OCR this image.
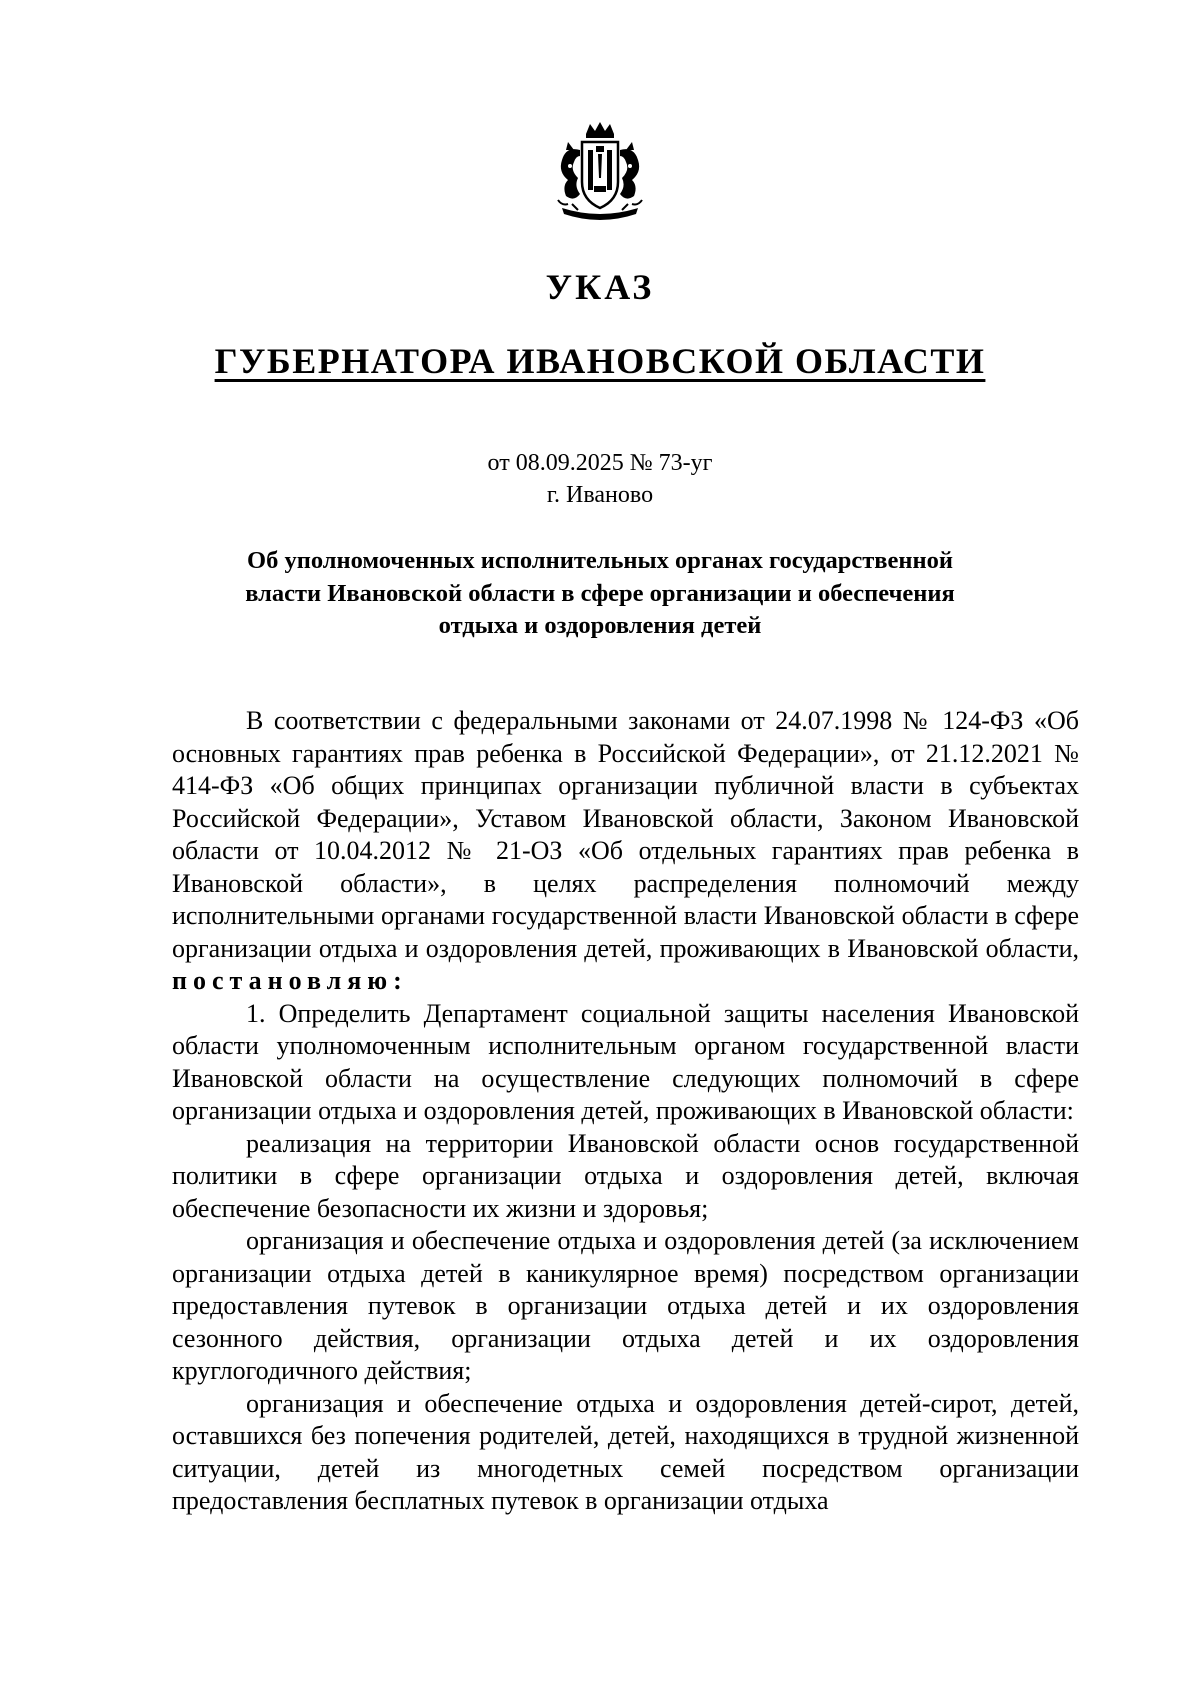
УКАЗ
ГУБЕРНАТОРА ИВАНОВСКОЙ ОБЛАСТИ
от 08.09.2025 № 73-уг
г. Иваново
Об уполномоченных исполнительных органах государственной
власти Ивановской области в сфере организации и обеспечения
отдыха и оздоровления детей

В соответствии с федеральными законами от 24.07.1998 № 124-ФЗ «Об основных гарантиях прав ребенка в Российской Федерации», от 21.12.2021 № 414-ФЗ «Об общих принципах организации публичной власти в субъектах Российской Федерации», Уставом Ивановской области, Законом Ивановской области от 10.04.2012 № 21-ОЗ «Об отдельных гарантиях прав ребенка в Ивановской области», в целях распределения полномочий между исполнительными органами государственной власти Ивановской области в сфере организации отдыха и оздоровления детей, проживающих в Ивановской области, постановляю:

1. Определить Департамент социальной защиты населения Ивановской области уполномоченным исполнительным органом государственной власти Ивановской области на осуществление следующих полномочий в сфере организации отдыха и оздоровления детей, проживающих в Ивановской области:

реализация на территории Ивановской области основ государственной политики в сфере организации отдыха и оздоровления детей, включая обеспечение безопасности их жизни и здоровья;

организация и обеспечение отдыха и оздоровления детей (за исключением организации отдыха детей в каникулярное время) посредством организации предоставления путевок в организации отдыха детей и их оздоровления сезонного действия, организации отдыха детей и их оздоровления круглогодичного действия;

организация и обеспечение отдыха и оздоровления детей-сирот, детей, оставшихся без попечения родителей, детей, находящихся в трудной жизненной ситуации, детей из многодетных семей посредством организации предоставления бесплатных путевок в организации отдыха
